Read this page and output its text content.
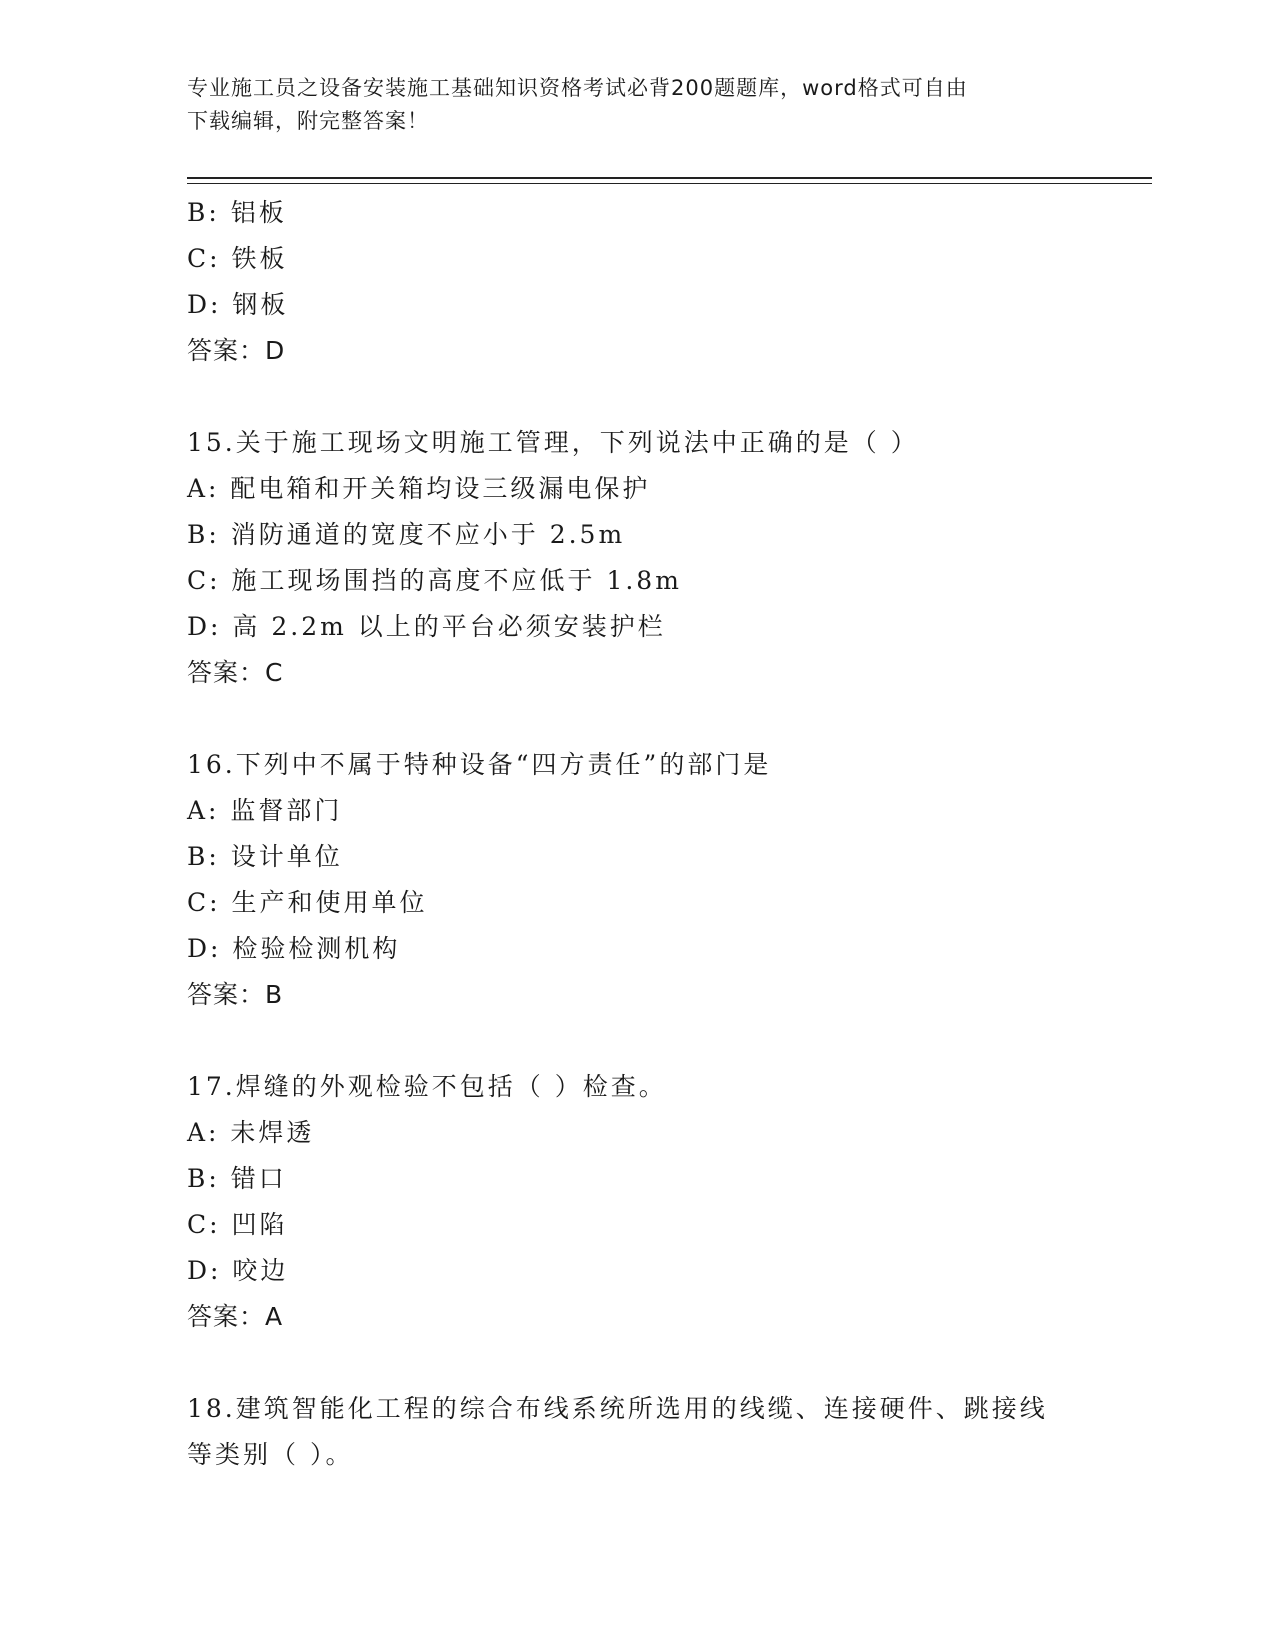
专业施工员之设备安装施工基础知识资格考试必背200题题库，word格式可自由
下载编辑，附完整答案！
B: 铝板
C: 铁板
D: 钢板
答案：D
15.关于施工现场文明施工管理，下列说法中正确的是（ ）
A: 配电箱和开关箱均设三级漏电保护
B: 消防通道的宽度不应小于 2.5m
C: 施工现场围挡的高度不应低于 1.8m
D: 高 2.2m 以上的平台必须安装护栏
答案：C
16.下列中不属于特种设备“四方责任”的部门是
A: 监督部门
B: 设计单位
C: 生产和使用单位
D: 检验检测机构
答案：B
17.焊缝的外观检验不包括（ ）检查。
A: 未焊透
B: 错口
C: 凹陷
D: 咬边
答案：A
18.建筑智能化工程的综合布线系统所选用的线缆、连接硬件、跳接线
等类别（ ）。
